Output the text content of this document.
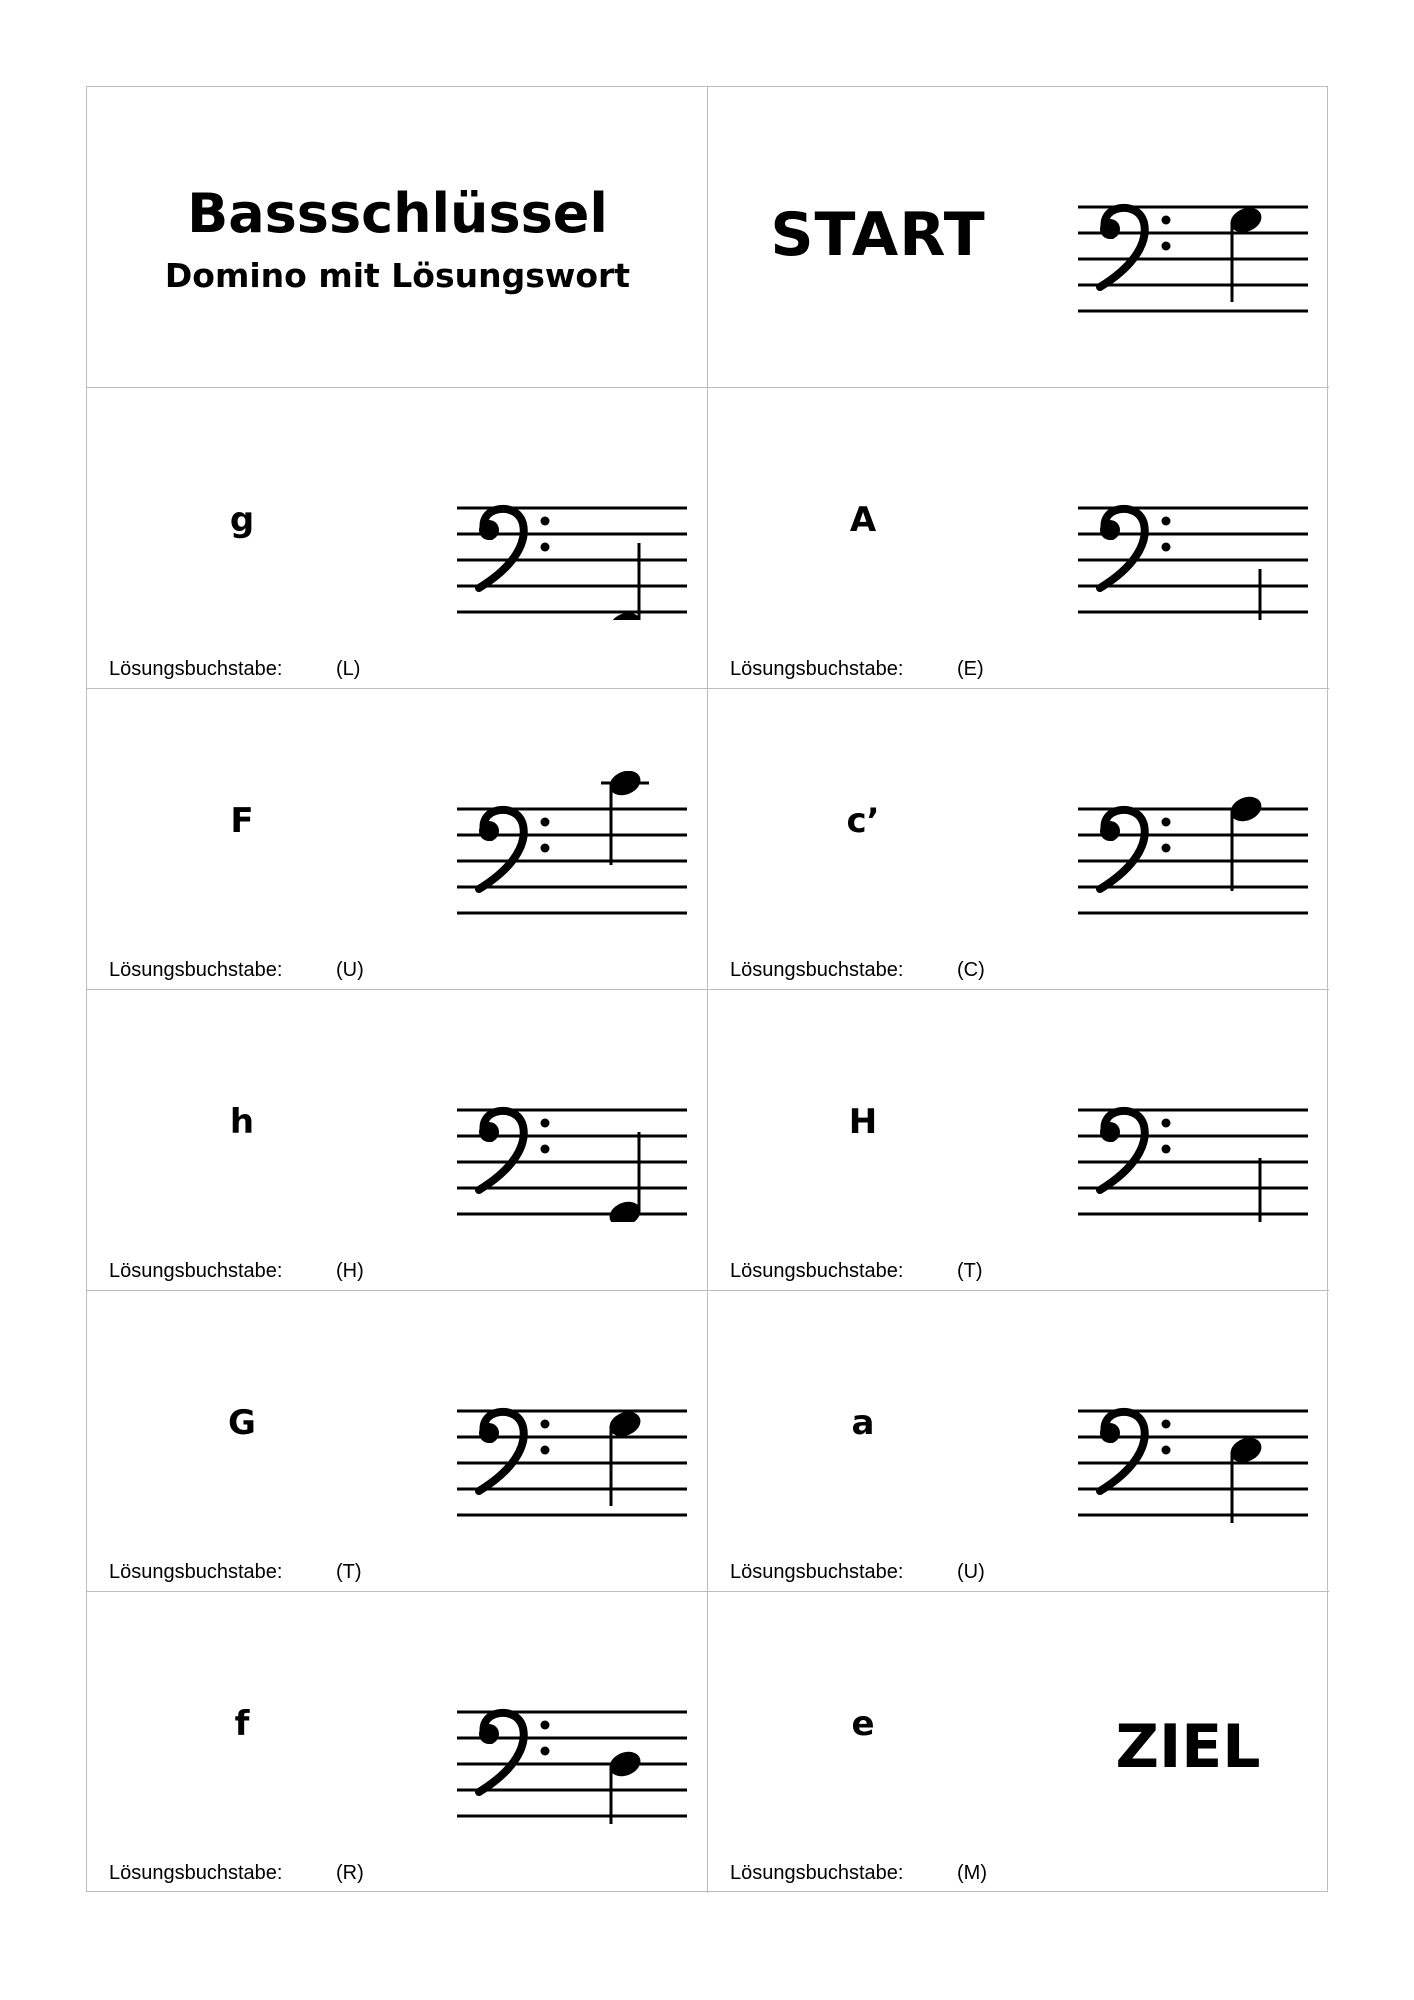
Bassschlüssel
Domino mit Lösungswort
START
g
Lösungsbuchstabe:	(L)
A
Lösungsbuchstabe:	(E)
F
Lösungsbuchstabe:	(U)
c’
Lösungsbuchstabe:	(C)
h
Lösungsbuchstabe:	(H)
H
Lösungsbuchstabe:	(T)
G
Lösungsbuchstabe:	(T)
a
Lösungsbuchstabe:	(U)
f
Lösungsbuchstabe:	(R)
e	ZIEL
Lösungsbuchstabe:	(M)
